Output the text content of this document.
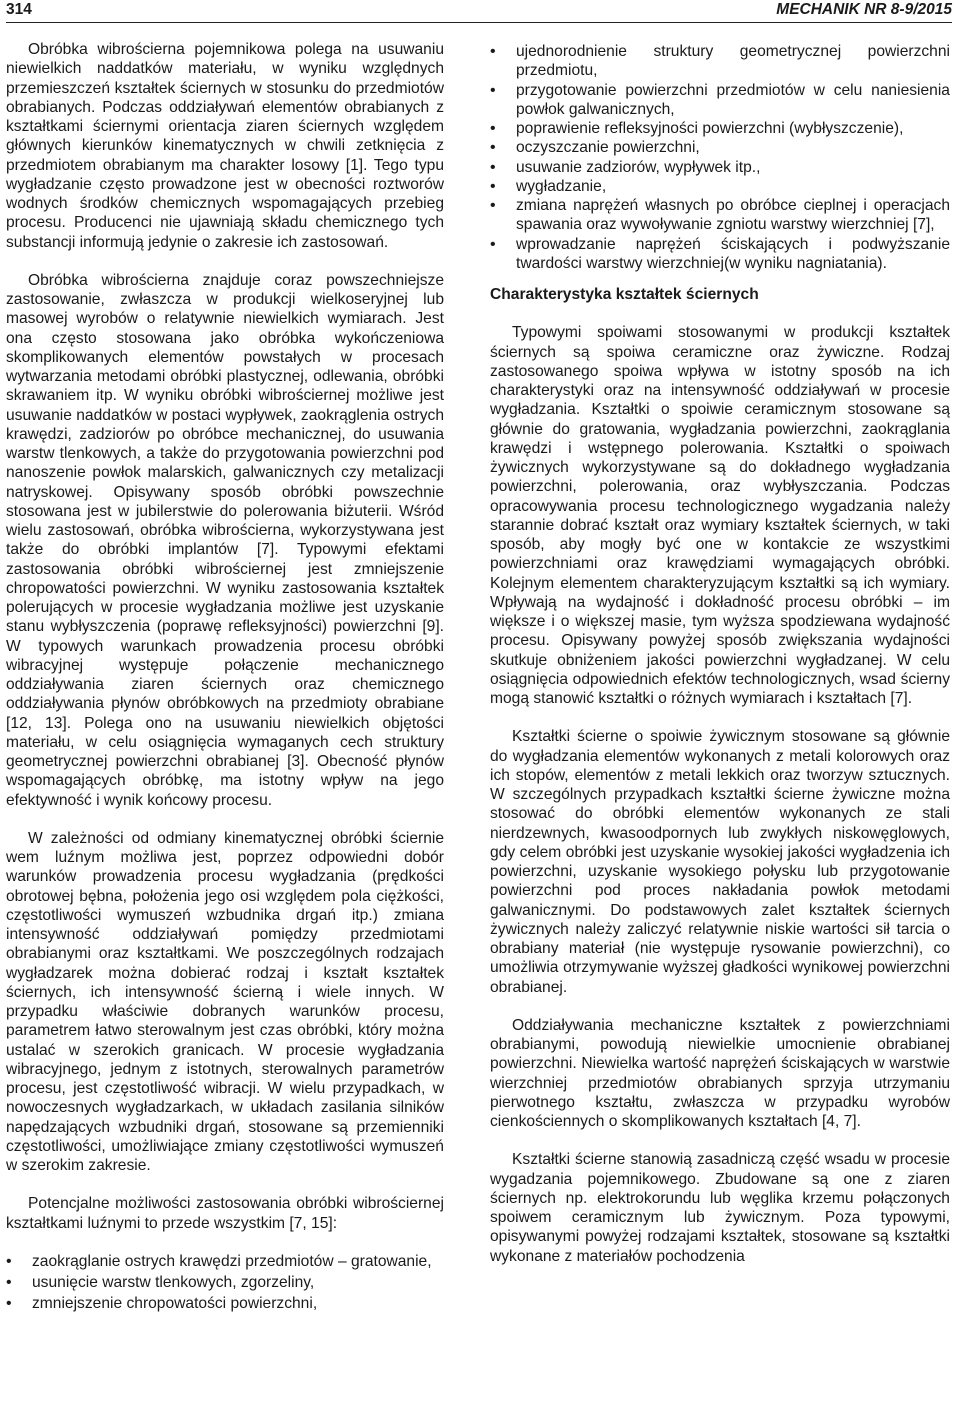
314	MECHANIK NR 8-9/2015

Obróbka wibrościerna pojemnikowa polega na usuwaniu niewielkich naddatków materiału, w wyniku względnych przemieszczeń kształtek ściernych w stosunku do przedmiotów obrabianych. Podczas oddziaływań elementów obrabianych z kształtkami ściernymi orientacja ziaren ściernych względem głównych kierunków kinematycznych w chwili zetknięcia z przedmiotem obrabianym ma charakter losowy [1]. Tego typu wygładzanie często prowadzone jest w obecności roztworów wodnych środków chemicznych wspomagających przebieg procesu. Producenci nie ujawniają składu chemicznego tych substancji informują jedynie o zakresie ich zastosowań.

Obróbka wibrościerna znajduje coraz powszechniejsze zastosowanie, zwłaszcza w produkcji wielkoseryjnej lub masowej wyrobów o relatywnie niewielkich wymiarach. Jest ona często stosowana jako obróbka wykończeniowa skomplikowanych elementów powstałych w procesach wytwarzania metodami obróbki plastycznej, odlewania, obróbki skrawaniem itp. W wyniku obróbki wibrościernej możliwe jest usuwanie naddatków w postaci wypływek, zaokrąglenia ostrych krawędzi, zadziorów po obróbce mechanicznej, do usuwania warstw tlenkowych, a także do przygotowania powierzchni pod nanoszenie powłok malarskich, galwanicznych czy metalizacji natryskowej. Opisywany sposób obróbki powszechnie stosowana jest w jubilerstwie do polerowania biżuterii. Wśród wielu zastosowań, obróbka wibrościerna, wykorzystywana jest także do obróbki implantów [7]. Typowymi efektami zastosowania obróbki wibrościernej jest zmniejszenie chropowatości powierzchni. W wyniku zastosowania kształtek polerujących w procesie wygładzania możliwe jest uzyskanie stanu wybłyszczenia (poprawę refleksyjności) powierzchni [9]. W typowych warunkach prowadzenia procesu obróbki wibracyjnej występuje połączenie mechanicznego oddziaływania ziaren ściernych oraz chemicznego oddziaływania płynów obróbkowych na przedmioty obrabiane [12, 13]. Polega ono na usuwaniu niewielkich objętości materiału, w celu osiągnięcia wymaganych cech struktury geometrycznej powierzchni obrabianej [3]. Obecność płynów wspomagających obróbkę, ma istotny wpływ na jego efektywność i wynik końcowy procesu.

W zależności od odmiany kinematycznej obróbki ściernie wem luźnym możliwa jest, poprzez odpowiedni dobór warunków prowadzenia procesu wygładzania (prędkości obrotowej bębna, położenia jego osi względem pola ciężkości, częstotliwości wymuszeń wzbudnika drgań itp.) zmiana intensywność oddziaływań pomiędzy przedmiotami obrabianymi oraz kształtkami. We poszczególnych rodzajach wygładzarek można dobierać rodzaj i kształt kształtek ściernych, ich intensywność ścierną i wiele innych. W przypadku właściwie dobranych warunków procesu, parametrem łatwo sterowalnym jest czas obróbki, który można ustalać w szerokich granicach. W procesie wygładzania wibracyjnego, jednym z istotnych, sterowalnych parametrów procesu, jest częstotliwość wibracji. W wielu przypadkach, w nowoczesnych wygładzarkach, w układach zasilania silników napędzających wzbudniki drgań, stosowane są przemienniki częstotliwości, umożliwiające zmiany częstotliwości wymuszeń w szerokim zakresie.

Potencjalne możliwości zastosowania obróbki wibrościernej kształtkami luźnymi to przede wszystkim [7, 15]:

• zaokrąglanie ostrych krawędzi przedmiotów – gratowanie,
• usunięcie warstw tlenkowych, zgorzeliny,
• zmniejszenie chropowatości powierzchni,
• ujednorodnienie struktury geometrycznej powierzchni przedmiotu,
• przygotowanie powierzchni przedmiotów w celu naniesienia powłok galwanicznych,
• poprawienie refleksyjności powierzchni (wybłyszczenie),
• oczyszczanie powierzchni,
• usuwanie zadziorów, wypływek itp.,
• wygładzanie,
• zmiana naprężeń własnych po obróbce cieplnej i operacjach spawania oraz wywoływanie zgniotu warstwy wierzchniej [7],
• wprowadzanie naprężeń ściskających i podwyższanie twardości warstwy wierzchniej(w wyniku nagniatania).

Charakterystyka kształtek ściernych

Typowymi spoiwami stosowanymi w produkcji kształtek ściernych są spoiwa ceramiczne oraz żywiczne. Rodzaj zastosowanego spoiwa wpływa w istotny sposób na ich charakterystyki oraz na intensywność oddziaływań w procesie wygładzania. Kształtki o spoiwie ceramicznym stosowane są głównie do gratowania, wygładzania powierzchni, zaokrąglania krawędzi i wstępnego polerowania. Kształtki o spoiwach żywicznych wykorzystywane są do dokładnego wygładzania powierzchni, polerowania, oraz wybłyszczania. Podczas opracowywania procesu technologicznego wygadzania należy starannie dobrać kształt oraz wymiary kształtek ściernych, w taki sposób, aby mogły być one w kontakcie ze wszystkimi powierzchniami oraz krawędziami wymagających obróbki. Kolejnym elementem charakteryzującym kształtki są ich wymiary. Wpływają na wydajność i dokładność procesu obróbki – im większe i o większej masie, tym wyższa spodziewana wydajność procesu. Opisywany powyżej sposób zwiększania wydajności skutkuje obniżeniem jakości powierzchni wygładzanej. W celu osiągnięcia odpowiednich efektów technologicznych, wsad ścierny mogą stanowić kształtki o różnych wymiarach i kształtach [7].

Kształtki ścierne o spoiwie żywicznym stosowane są głównie do wygładzania elementów wykonanych z metali kolorowych oraz ich stopów, elementów z metali lekkich oraz tworzyw sztucznych. W szczególnych przypadkach kształtki ścierne żywiczne można stosować do obróbki elementów wykonanych ze stali nierdzewnych, kwasoodpornych lub zwykłych niskowęglowych, gdy celem obróbki jest uzyskanie wysokiej jakości wygładzenia ich powierzchni, uzyskanie wysokiego połysku lub przygotowanie powierzchni pod proces nakładania powłok metodami galwanicznymi. Do podstawowych zalet kształtek ściernych żywicznych należy zaliczyć relatywnie niskie wartości sił tarcia o obrabiany materiał (nie występuje rysowanie powierzchni), co umożliwia otrzymywanie wyższej gładkości wynikowej powierzchni obrabianej.

Oddziaływania mechaniczne kształtek z powierzchniami obrabianymi, powodują niewielkie umocnienie obrabianej powierzchni. Niewielka wartość naprężeń ściskających w warstwie wierzchniej przedmiotów obrabianych sprzyja utrzymaniu pierwotnego kształtu, zwłaszcza w przypadku wyrobów cienkościennych o skomplikowanych kształtach [4, 7].

Kształtki ścierne stanowią zasadniczą część wsadu w procesie wygadzania pojemnikowego. Zbudowane są one z ziaren ściernych np. elektrokorundu lub węglika krzemu połączonych spoiwem ceramicznym lub żywicznym. Poza typowymi, opisywanymi powyżej rodzajami kształtek, stosowane są kształtki wykonane z materiałów pochodzenia
